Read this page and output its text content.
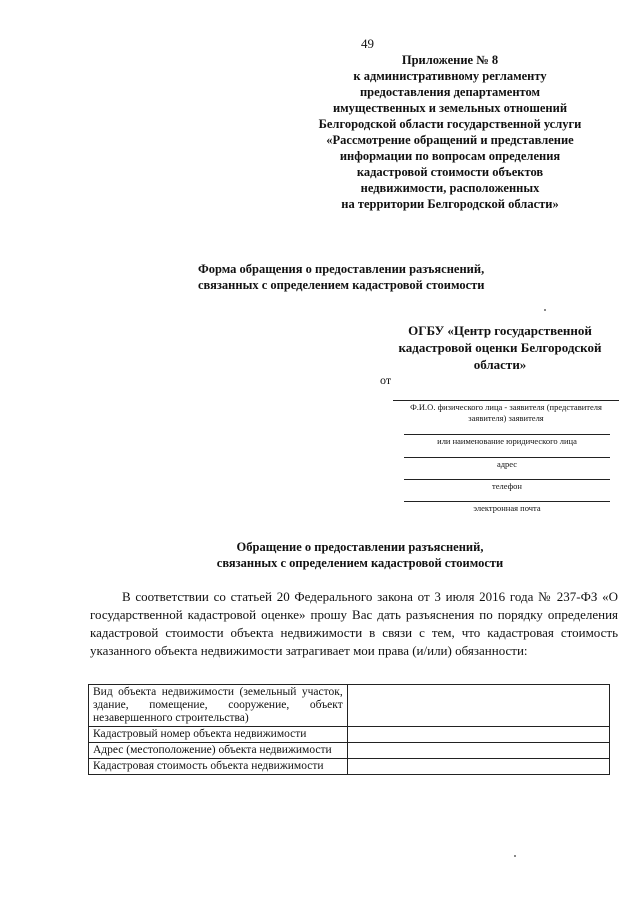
49
Приложение № 8
к административному регламенту
предоставления департаментом
имущественных и земельных отношений
Белгородской области государственной услуги
«Рассмотрение обращений и представление
информации по вопросам определения
кадастровой стоимости объектов
недвижимости, расположенных
на территории Белгородской области»
Форма обращения о предоставлении разъяснений,
связанных с определением кадастровой стоимости
ОГБУ «Центр государственной
кадастровой оценки Белгородской
области»
от
Ф.И.О. физического лица - заявителя (представителя
заявителя) заявителя
или наименование юридического лица
адрес
телефон
электронная почта
Обращение о предоставлении разъяснений,
связанных с определением кадастровой стоимости

В соответствии со статьей 20 Федерального закона от 3 июля 2016 года № 237-ФЗ «О государственной кадастровой оценке» прошу Вас дать разъяснения по порядку определения кадастровой стоимости объекта недвижимости в связи с тем, что кадастровая стоимость указанного объекта недвижимости затрагивает мои права (и/или) обязанности:

Вид объекта недвижимости (земельный участок, здание, помещение, сооружение, объект незавершенного строительства)	
Кадастровый номер объекта недвижимости	
Адрес (местоположение) объекта недвижимости	
Кадастровая стоимость объекта недвижимости	
